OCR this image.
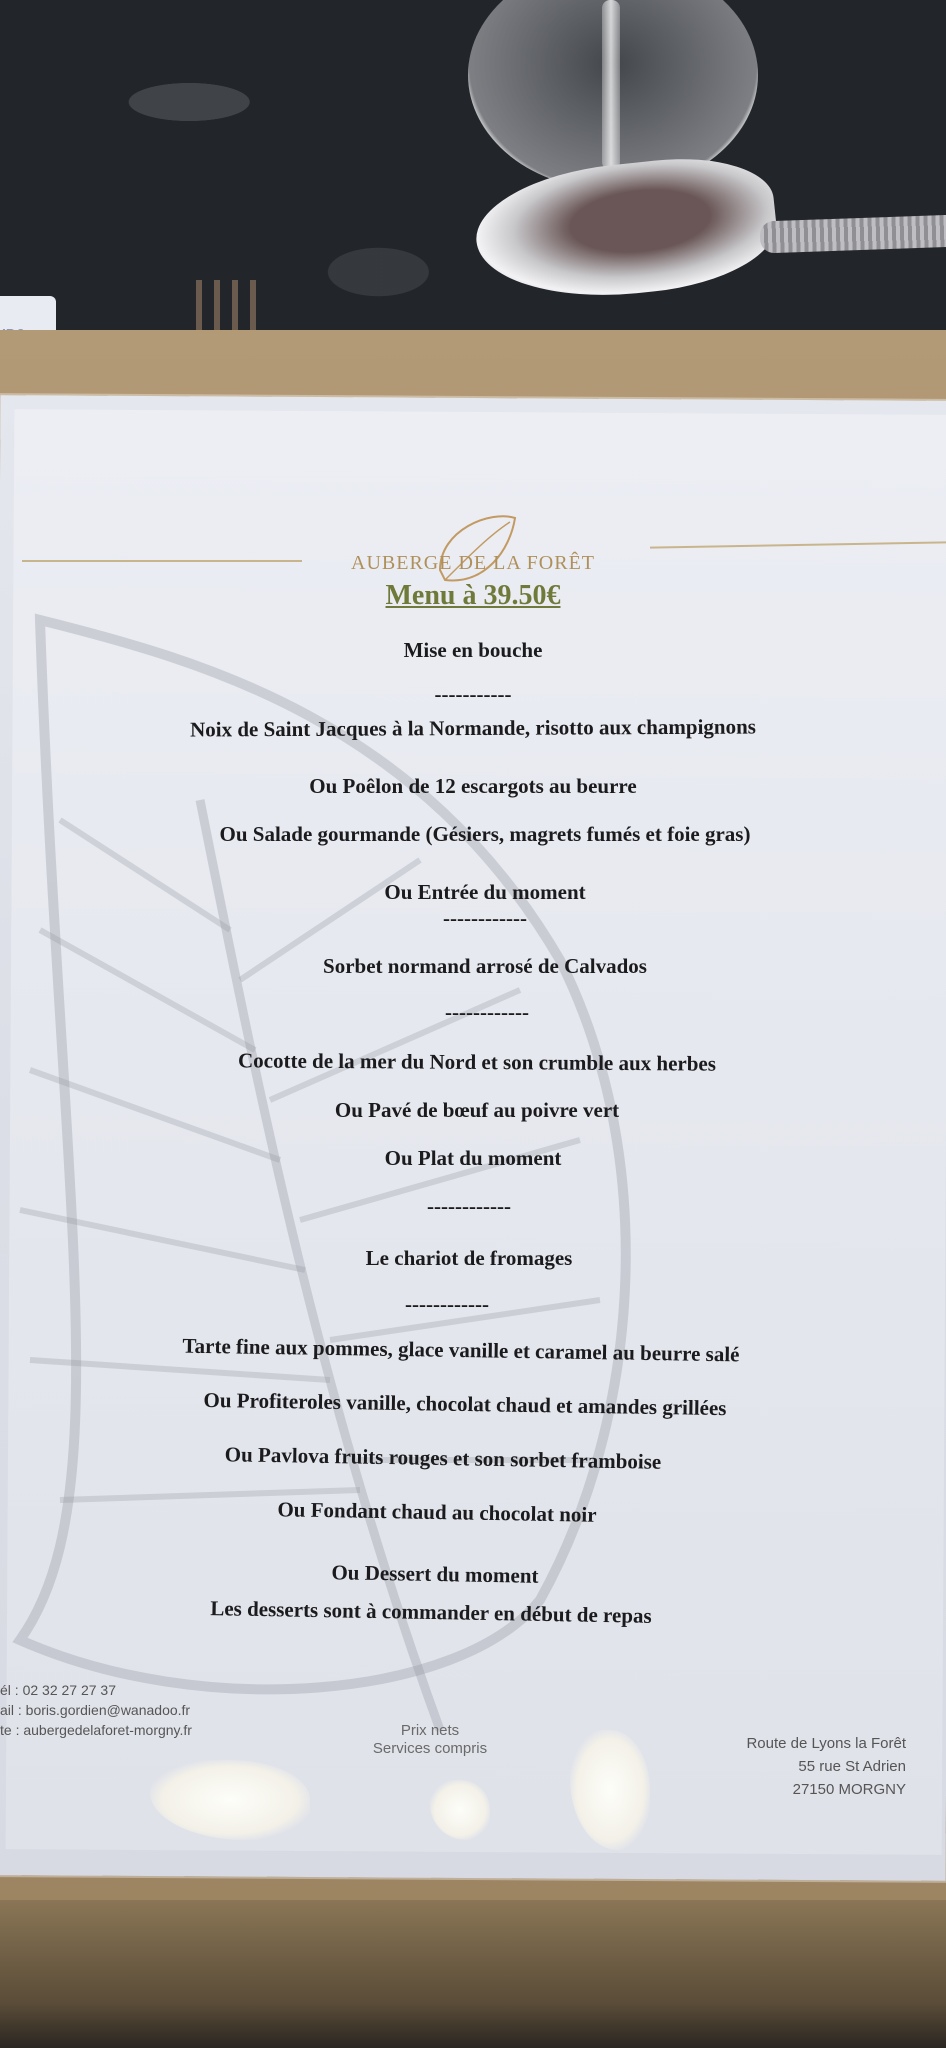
AUBERGE DE LA FORÊT
Menu à 39.50€
Mise en bouche
-----------
Noix de Saint Jacques à la Normande, risotto aux champignons
Ou Poêlon de 12 escargots au beurre
Ou Salade gourmande (Gésiers, magrets fumés et foie gras)
Ou Entrée du moment
------------
Sorbet normand arrosé de Calvados
------------
Cocotte de la mer du Nord et son crumble aux herbes
Ou Pavé de bœuf au poivre vert
Ou Plat du moment
------------
Le chariot de fromages
------------
Tarte fine aux pommes, glace vanille et caramel au beurre salé
Ou Profiteroles vanille, chocolat chaud et amandes grillées
Ou Pavlova fruits rouges et son sorbet framboise
Ou Fondant chaud au chocolat noir
Ou Dessert du moment
Les desserts sont à commander en début de repas
él : 02 32 27 27 37
ail : boris.gordien@wanadoo.fr
te : aubergedelaforet-morgny.fr	Prix nets
Services compris	Route de Lyons la Forêt
55 rue St Adrien
27150 MORGNY
